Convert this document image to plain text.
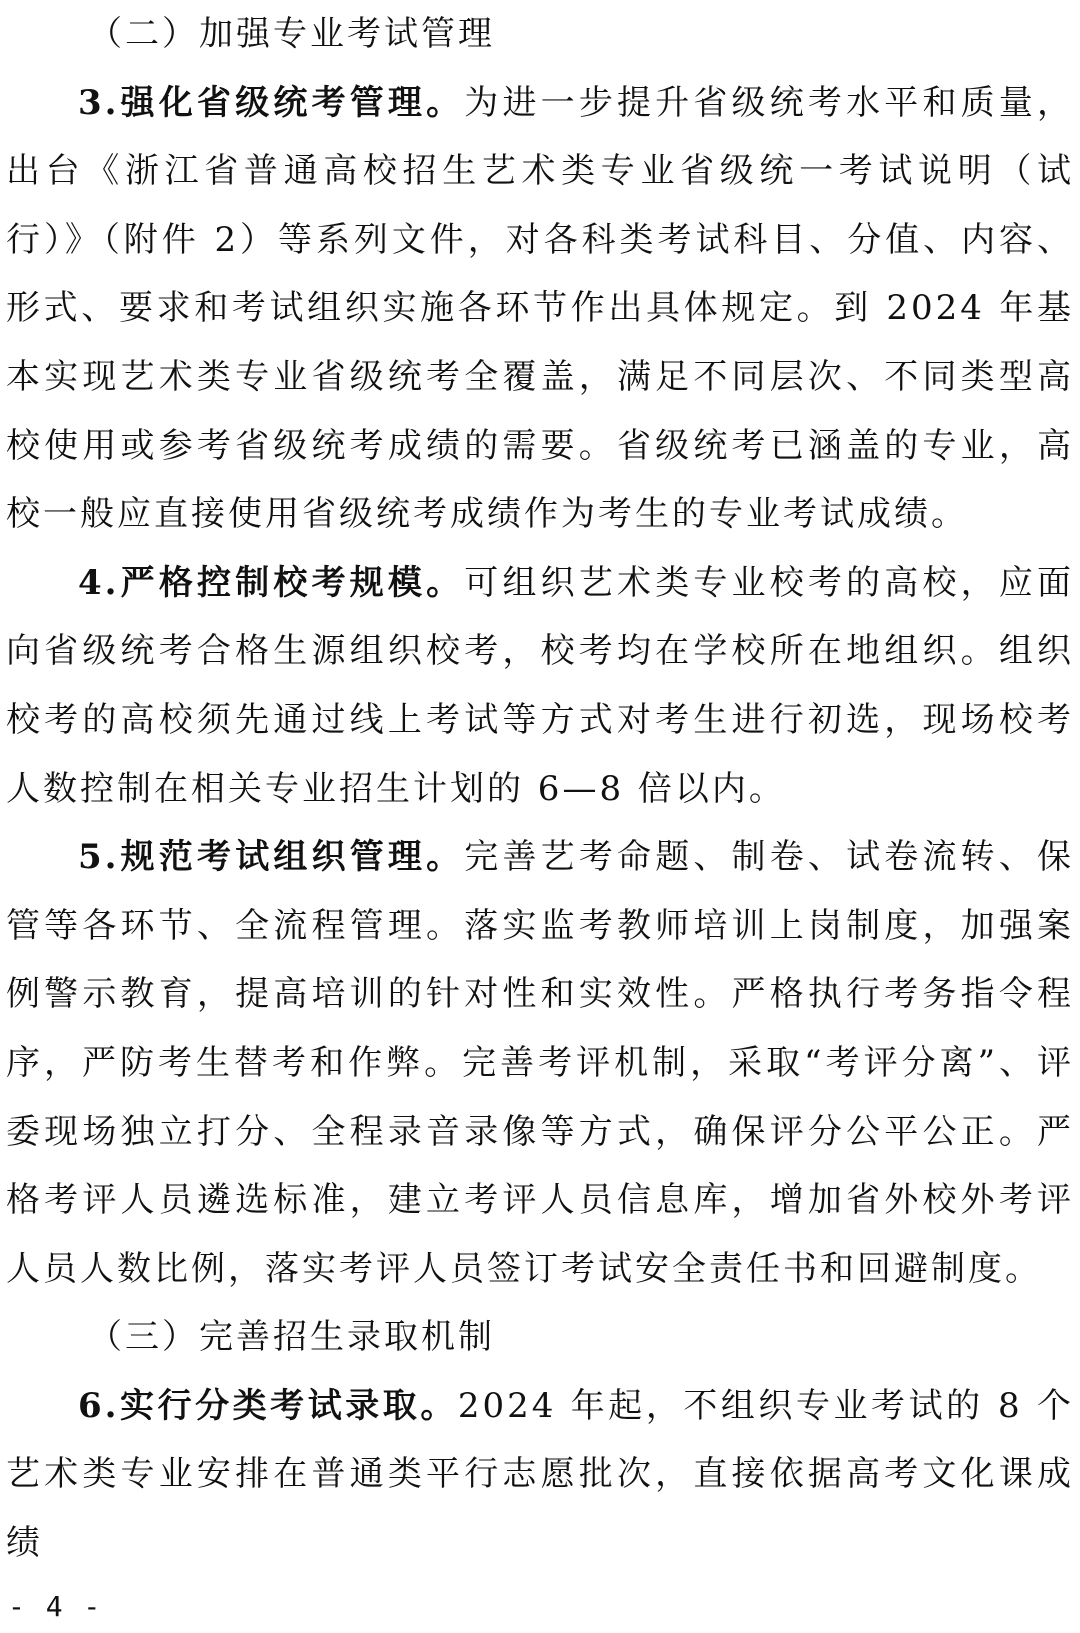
（二）加强专业考试管理

3.强化省级统考管理。为进一步提升省级统考水平和质量，出台《浙江省普通高校招生艺术类专业省级统一考试说明（试行）》（附件 2）等系列文件，对各科类考试科目、分值、内容、形式、要求和考试组织实施各环节作出具体规定。到 2024 年基本实现艺术类专业省级统考全覆盖，满足不同层次、不同类型高校使用或参考省级统考成绩的需要。省级统考已涵盖的专业，高校一般应直接使用省级统考成绩作为考生的专业考试成绩。

4.严格控制校考规模。可组织艺术类专业校考的高校，应面向省级统考合格生源组织校考，校考均在学校所在地组织。组织校考的高校须先通过线上考试等方式对考生进行初选，现场校考人数控制在相关专业招生计划的 6—8 倍以内。

5.规范考试组织管理。完善艺考命题、制卷、试卷流转、保管等各环节、全流程管理。落实监考教师培训上岗制度，加强案例警示教育，提高培训的针对性和实效性。严格执行考务指令程序，严防考生替考和作弊。完善考评机制，采取“考评分离”、评委现场独立打分、全程录音录像等方式，确保评分公平公正。严格考评人员遴选标准，建立考评人员信息库，增加省外校外考评人员人数比例，落实考评人员签订考试安全责任书和回避制度。

（三）完善招生录取机制

6.实行分类考试录取。2024 年起，不组织专业考试的 8 个艺术类专业安排在普通类平行志愿批次，直接依据高考文化课成绩

- 4 -
